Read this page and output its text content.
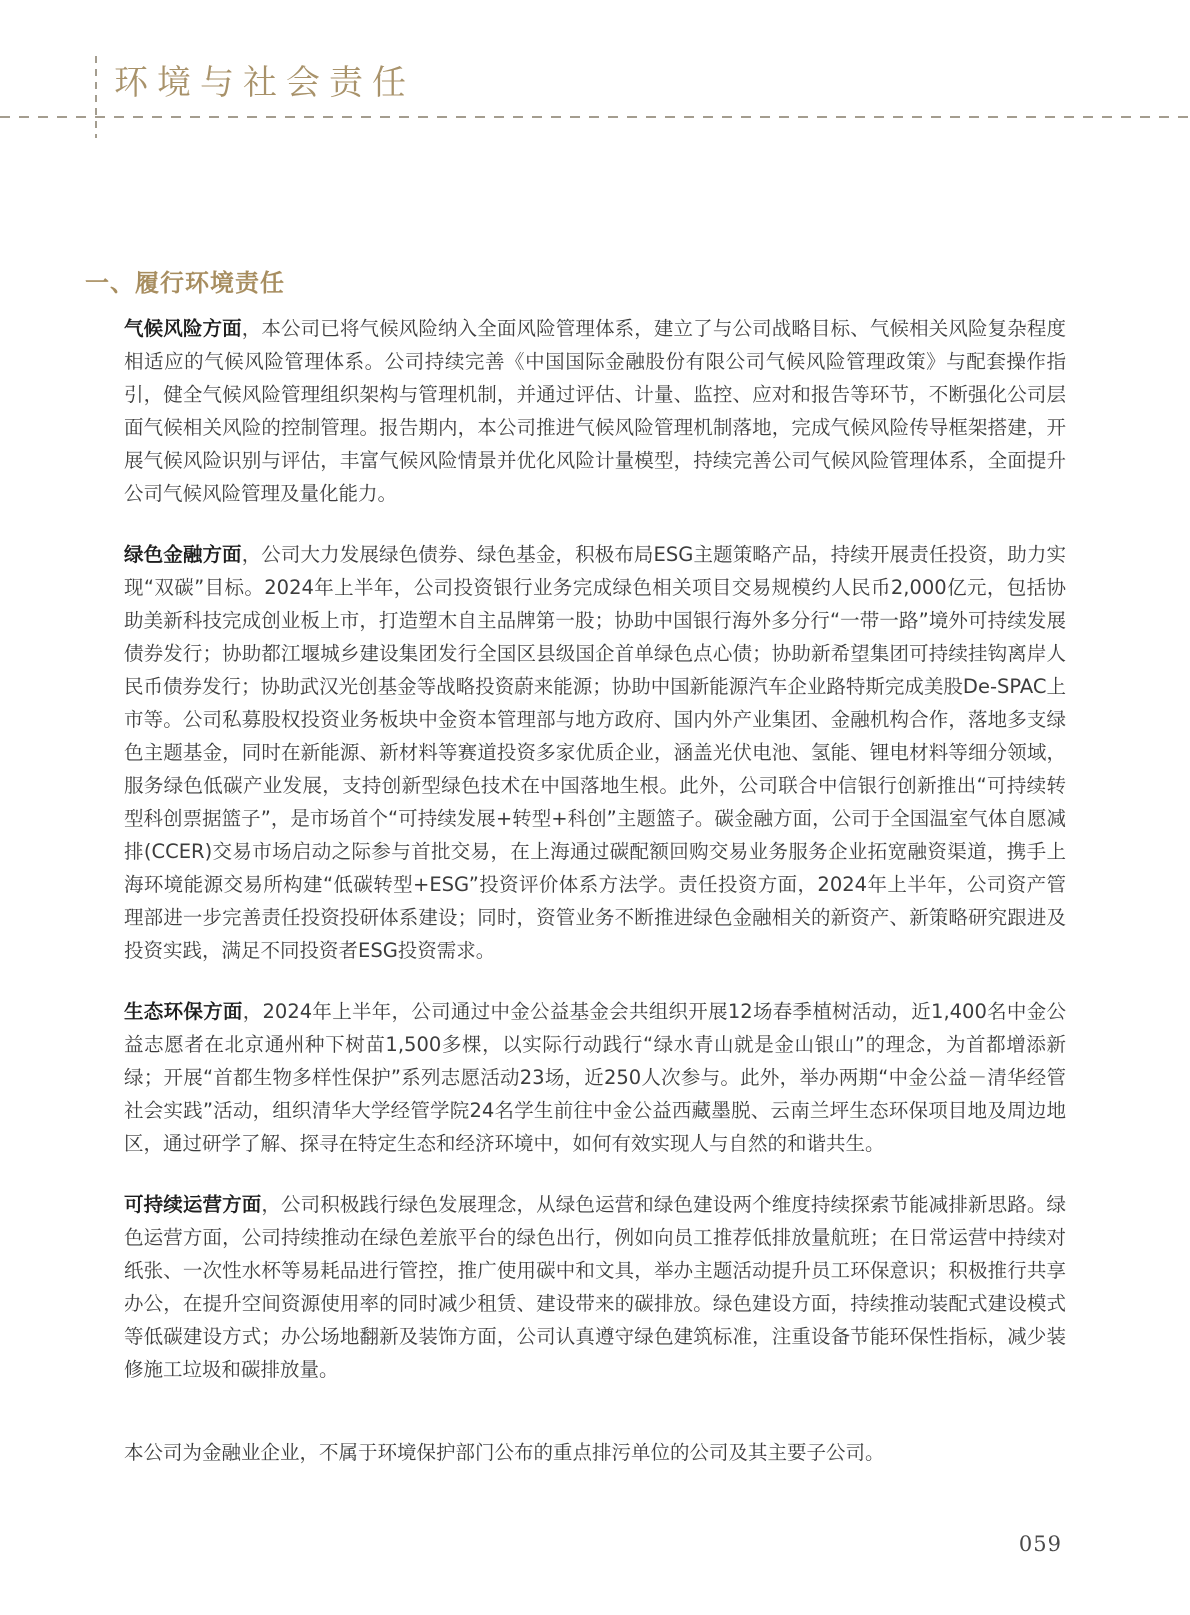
环境与社会责任
一、履行环境责任

气候风险方面，本公司已将气候风险纳入全面风险管理体系，建立了与公司战略目标、气候相关风险复杂程度相适应的气候风险管理体系。公司持续完善《中国国际金融股份有限公司气候风险管理政策》与配套操作指引，健全气候风险管理组织架构与管理机制，并通过评估、计量、监控、应对和报告等环节，不断强化公司层面气候相关风险的控制管理。报告期内，本公司推进气候风险管理机制落地，完成气候风险传导框架搭建，开展气候风险识别与评估，丰富气候风险情景并优化风险计量模型，持续完善公司气候风险管理体系，全面提升公司气候风险管理及量化能力。

绿色金融方面，公司大力发展绿色债券、绿色基金，积极布局ESG主题策略产品，持续开展责任投资，助力实现“双碳”目标。2024年上半年，公司投资银行业务完成绿色相关项目交易规模约人民币2,000亿元，包括协助美新科技完成创业板上市，打造塑木自主品牌第一股；协助中国银行海外多分行“一带一路”境外可持续发展债券发行；协助都江堰城乡建设集团发行全国区县级国企首单绿色点心债；协助新希望集团可持续挂钩离岸人民币债券发行；协助武汉光创基金等战略投资蔚来能源；协助中国新能源汽车企业路特斯完成美股De-SPAC上市等。公司私募股权投资业务板块中金资本管理部与地方政府、国内外产业集团、金融机构合作，落地多支绿色主题基金，同时在新能源、新材料等赛道投资多家优质企业，涵盖光伏电池、氢能、锂电材料等细分领域，服务绿色低碳产业发展，支持创新型绿色技术在中国落地生根。此外，公司联合中信银行创新推出“可持续转型科创票据篮子”，是市场首个“可持续发展+转型+科创”主题篮子。碳金融方面，公司于全国温室气体自愿减排(CCER)交易市场启动之际参与首批交易，在上海通过碳配额回购交易业务服务企业拓宽融资渠道，携手上海环境能源交易所构建“低碳转型+ESG”投资评价体系方法学。责任投资方面，2024年上半年，公司资产管理部进一步完善责任投资投研体系建设；同时，资管业务不断推进绿色金融相关的新资产、新策略研究跟进及投资实践，满足不同投资者ESG投资需求。

生态环保方面，2024年上半年，公司通过中金公益基金会共组织开展12场春季植树活动，近1,400名中金公益志愿者在北京通州种下树苗1,500多棵，以实际行动践行“绿水青山就是金山银山”的理念，为首都增添新绿；开展“首都生物多样性保护”系列志愿活动23场，近250人次参与。此外，举办两期“中金公益－清华经管社会实践”活动，组织清华大学经管学院24名学生前往中金公益西藏墨脱、云南兰坪生态环保项目地及周边地区，通过研学了解、探寻在特定生态和经济环境中，如何有效实现人与自然的和谐共生。

可持续运营方面，公司积极践行绿色发展理念，从绿色运营和绿色建设两个维度持续探索节能减排新思路。绿色运营方面，公司持续推动在绿色差旅平台的绿色出行，例如向员工推荐低排放量航班；在日常运营中持续对纸张、一次性水杯等易耗品进行管控，推广使用碳中和文具，举办主题活动提升员工环保意识；积极推行共享办公，在提升空间资源使用率的同时减少租赁、建设带来的碳排放。绿色建设方面，持续推动装配式建设模式等低碳建设方式；办公场地翻新及装饰方面，公司认真遵守绿色建筑标准，注重设备节能环保性指标，减少装修施工垃圾和碳排放量。

本公司为金融业企业，不属于环境保护部门公布的重点排污单位的公司及其主要子公司。

059
